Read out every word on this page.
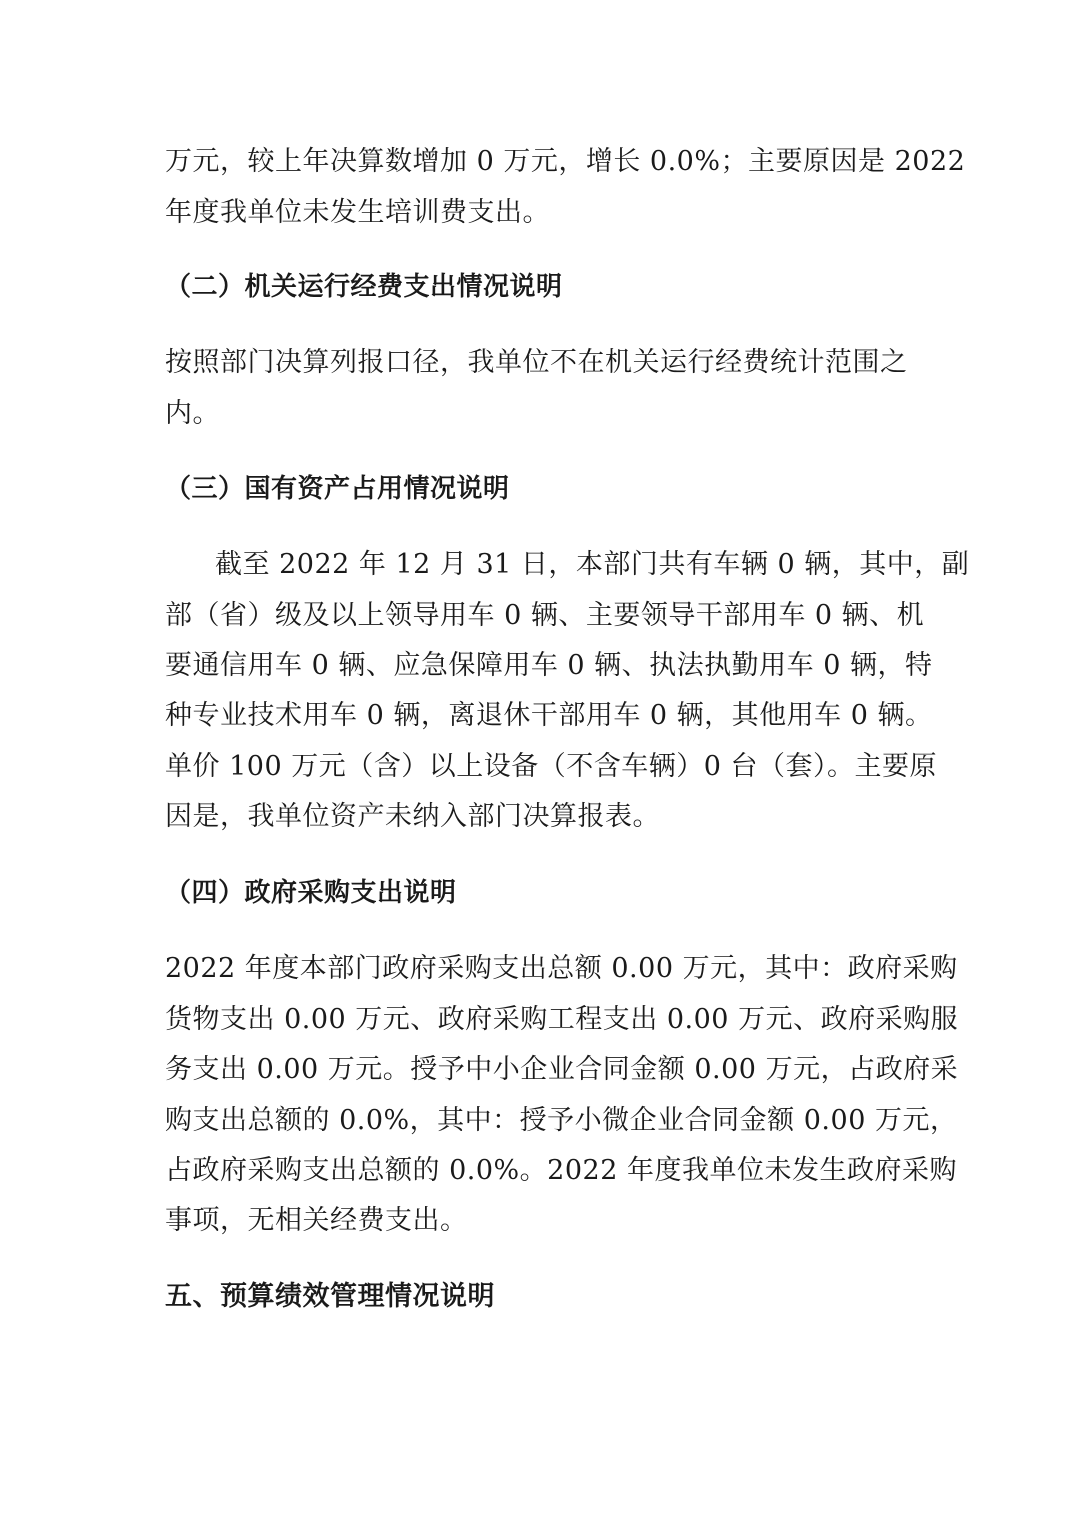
万元，较上年决算数增加 0 万元，增长 0.0%；主要原因是 2022
年度我单位未发生培训费支出。
（二）机关运行经费支出情况说明
按照部门决算列报口径，我单位不在机关运行经费统计范围之
内。
（三）国有资产占用情况说明
截至 2022 年 12 月 31 日，本部门共有车辆 0 辆，其中，副
部（省）级及以上领导用车 0 辆、主要领导干部用车 0 辆、机
要通信用车 0 辆、应急保障用车 0 辆、执法执勤用车 0 辆，特
种专业技术用车 0 辆，离退休干部用车 0 辆，其他用车 0 辆。
单价 100 万元（含）以上设备（不含车辆）0 台（套）。主要原
因是，我单位资产未纳入部门决算报表。
（四）政府采购支出说明
2022 年度本部门政府采购支出总额 0.00 万元，其中：政府采购
货物支出 0.00 万元、政府采购工程支出 0.00 万元、政府采购服
务支出 0.00 万元。授予中小企业合同金额 0.00 万元，占政府采
购支出总额的 0.0%，其中：授予小微企业合同金额 0.00 万元，
占政府采购支出总额的 0.0%。2022 年度我单位未发生政府采购
事项，无相关经费支出。
五、预算绩效管理情况说明
